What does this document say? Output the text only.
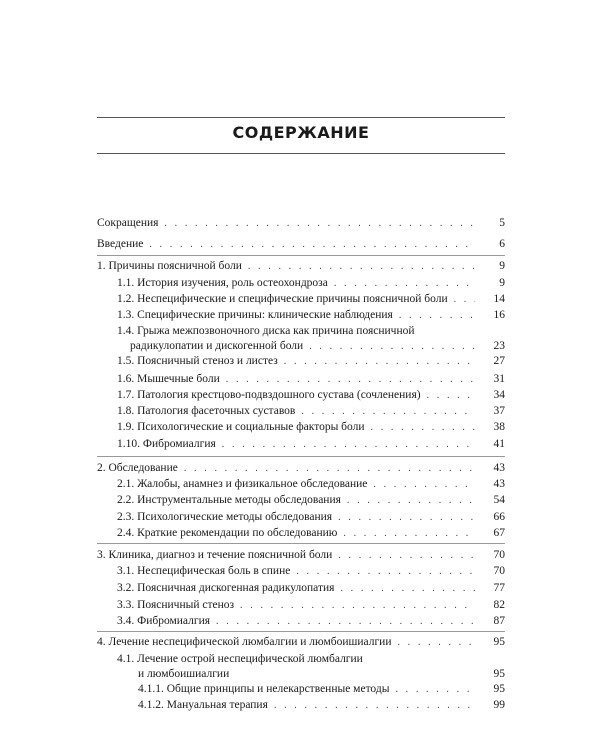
СОДЕРЖАНИЕ
Сокращения . . .	5
Введение . . .	6
1. Причины поясничной боли . . .	9
1.1. История изучения, роль остеохондроза . . .	9
1.2. Неспецифические и специфические причины поясничной боли . . .	14
1.3. Специфические причины: клинические наблюдения . . .	16
1.4. Грыжа межпозвоночного диска как причина поясничной
радикулопатии и дискогенной боли . . .	23
1.5. Поясничный стеноз и листез . . .	27
1.6. Мышечные боли . . .	31
1.7. Патология крестцово-подвздошного сустава (сочленения) . . .	34
1.8. Патология фасеточных суставов . . .	37
1.9. Психологические и социальные факторы боли . . .	38
1.10. Фибромиалгия . . .	41
2. Обследование . . .	43
2.1. Жалобы, анамнез и физикальное обследование . . .	43
2.2. Инструментальные методы обследования . . .	54
2.3. Психологические методы обследования . . .	66
2.4. Краткие рекомендации по обследованию . . .	67
3. Клиника, диагноз и течение поясничной боли . . .	70
3.1. Неспецифическая боль в спине . . .	70
3.2. Поясничная дискогенная радикулопатия . . .	77
3.3. Поясничный стеноз . . .	82
3.4. Фибромиалгия . . .	87
4. Лечение неспецифической люмбалгии и люмбоишиалгии . . .	95
4.1. Лечение острой неспецифической люмбалгии
и люмбоишиалгии	95
4.1.1. Общие принципы и нелекарственные методы . . .	95
4.1.2. Мануальная терапия . . .	99
